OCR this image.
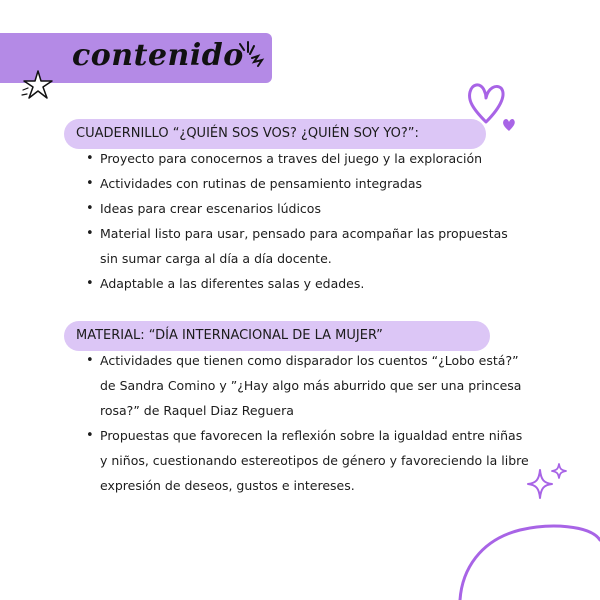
contenido
CUADERNILLO “¿QUIÉN SOS VOS? ¿QUIÉN SOY YO?”:
• Proyecto para conocernos a traves del juego y la exploración
• Actividades con rutinas de pensamiento integradas
• Ideas para crear escenarios lúdicos
• Material listo para usar, pensado para acompañar las propuestas
sin sumar carga al día a día docente.
• Adaptable a las diferentes salas y edades.
MATERIAL: “DÍA INTERNACIONAL DE LA MUJER”
• Actividades que tienen como disparador los cuentos “¿Lobo está?”
de Sandra Comino y ”¿Hay algo más aburrido que ser una princesa
rosa?” de Raquel Diaz Reguera
• Propuestas que favorecen la reflexión sobre la igualdad entre niñas
y niños, cuestionando estereotipos de género y favoreciendo la libre
expresión de deseos, gustos e intereses.
